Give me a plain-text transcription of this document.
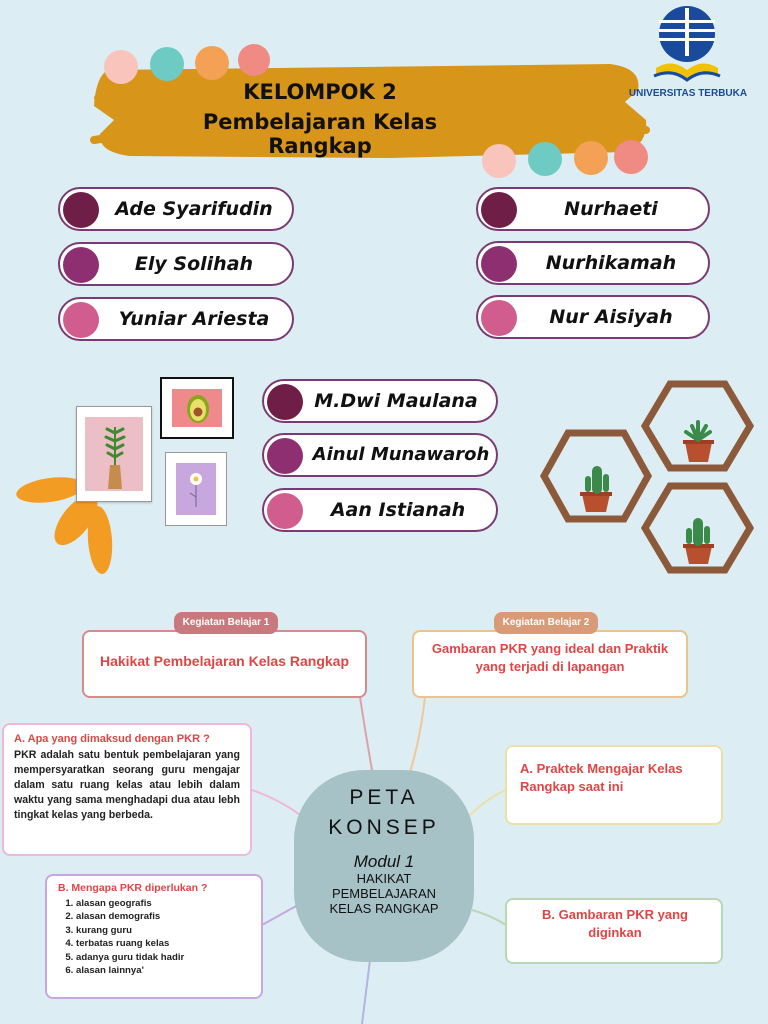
KELOMPOK 2
Pembelajaran Kelas Rangkap
UNIVERSITAS TERBUKA
Ade Syarifudin
Ely Solihah
Yuniar Ariesta
Nurhaeti
Nurhikamah
Nur Aisiyah
M.Dwi Maulana
Ainul Munawaroh
Aan Istianah
Kegiatan Belajar 1
Hakikat Pembelajaran Kelas Rangkap
Kegiatan Belajar 2
Gambaran PKR yang ideal dan Praktik yang terjadi di lapangan
A. Apa yang dimaksud dengan PKR ?
PKR adalah satu bentuk pembelajaran yang mempersyaratkan seorang guru mengajar dalam satu ruang kelas atau lebih dalam waktu yang sama menghadapi dua atau lebh tingkat kelas yang berbeda.
B. Mengapa PKR diperlukan ?
1. alasan geografis
2. alasan demografis
3. kurang guru
4. terbatas ruang kelas
5. adanya guru tidak hadir
6. alasan lainnya'
PETA
KONSEP
Modul 1
HAKIKAT
PEMBELAJARAN
KELAS RANGKAP
A. Praktek Mengajar Kelas Rangkap saat ini
B. Gambaran PKR yang diginkan
